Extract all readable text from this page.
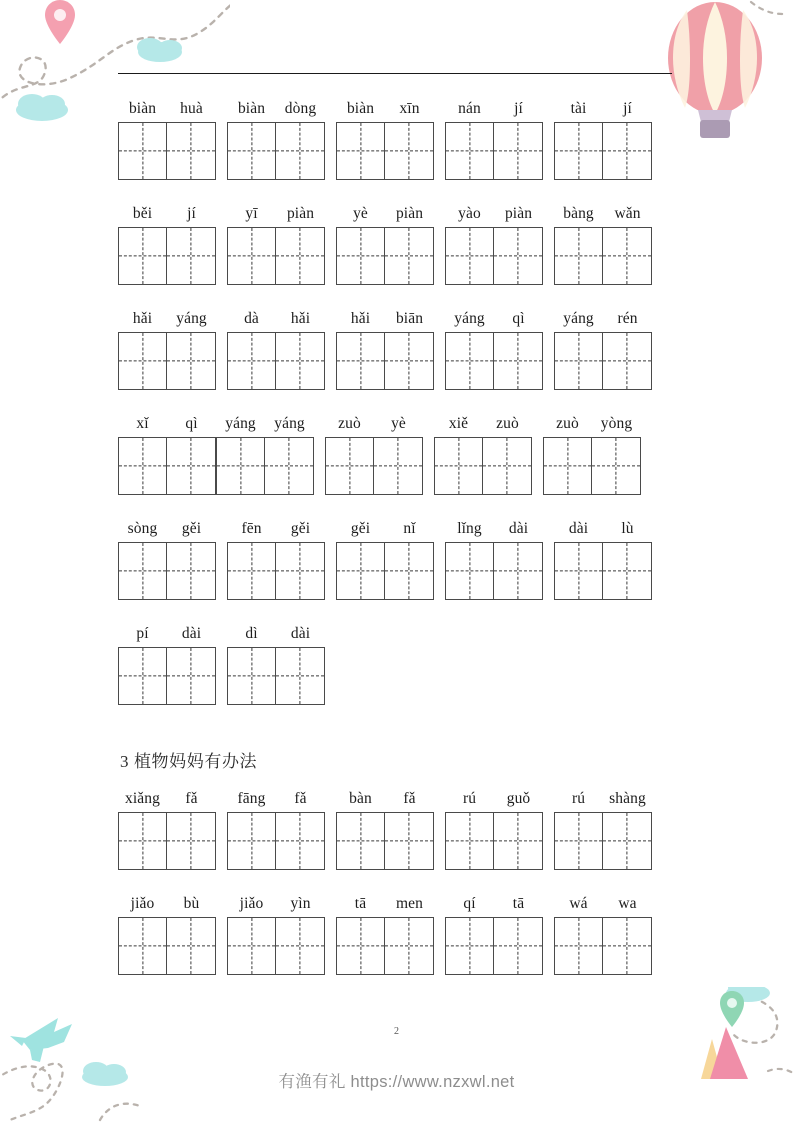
biàn	huà	biàn	dòng	biàn	xīn	nán	jí	tài	jí
běi	jí	yī	piàn	yè	piàn	yào	piàn	bàng	wǎn
hǎi	yáng	dà	hǎi	hǎi	biān	yáng	qì	yáng	rén
xǐ	qì	yáng	yáng	zuò	yè	xiě	zuò	zuò	yòng
sòng	gěi	fēn	gěi	gěi	nǐ	lǐng	dài	dài	lù
pí	dài	dì	dài
3 植物妈妈有办法
xiǎng	fǎ	fāng	fǎ	bàn	fǎ	rú	guǒ	rú	shàng
jiǎo	bù	jiǎo	yìn	tā	men	qí	tā	wá	wa
2
有渔有礼 https://www.nzxwl.net
